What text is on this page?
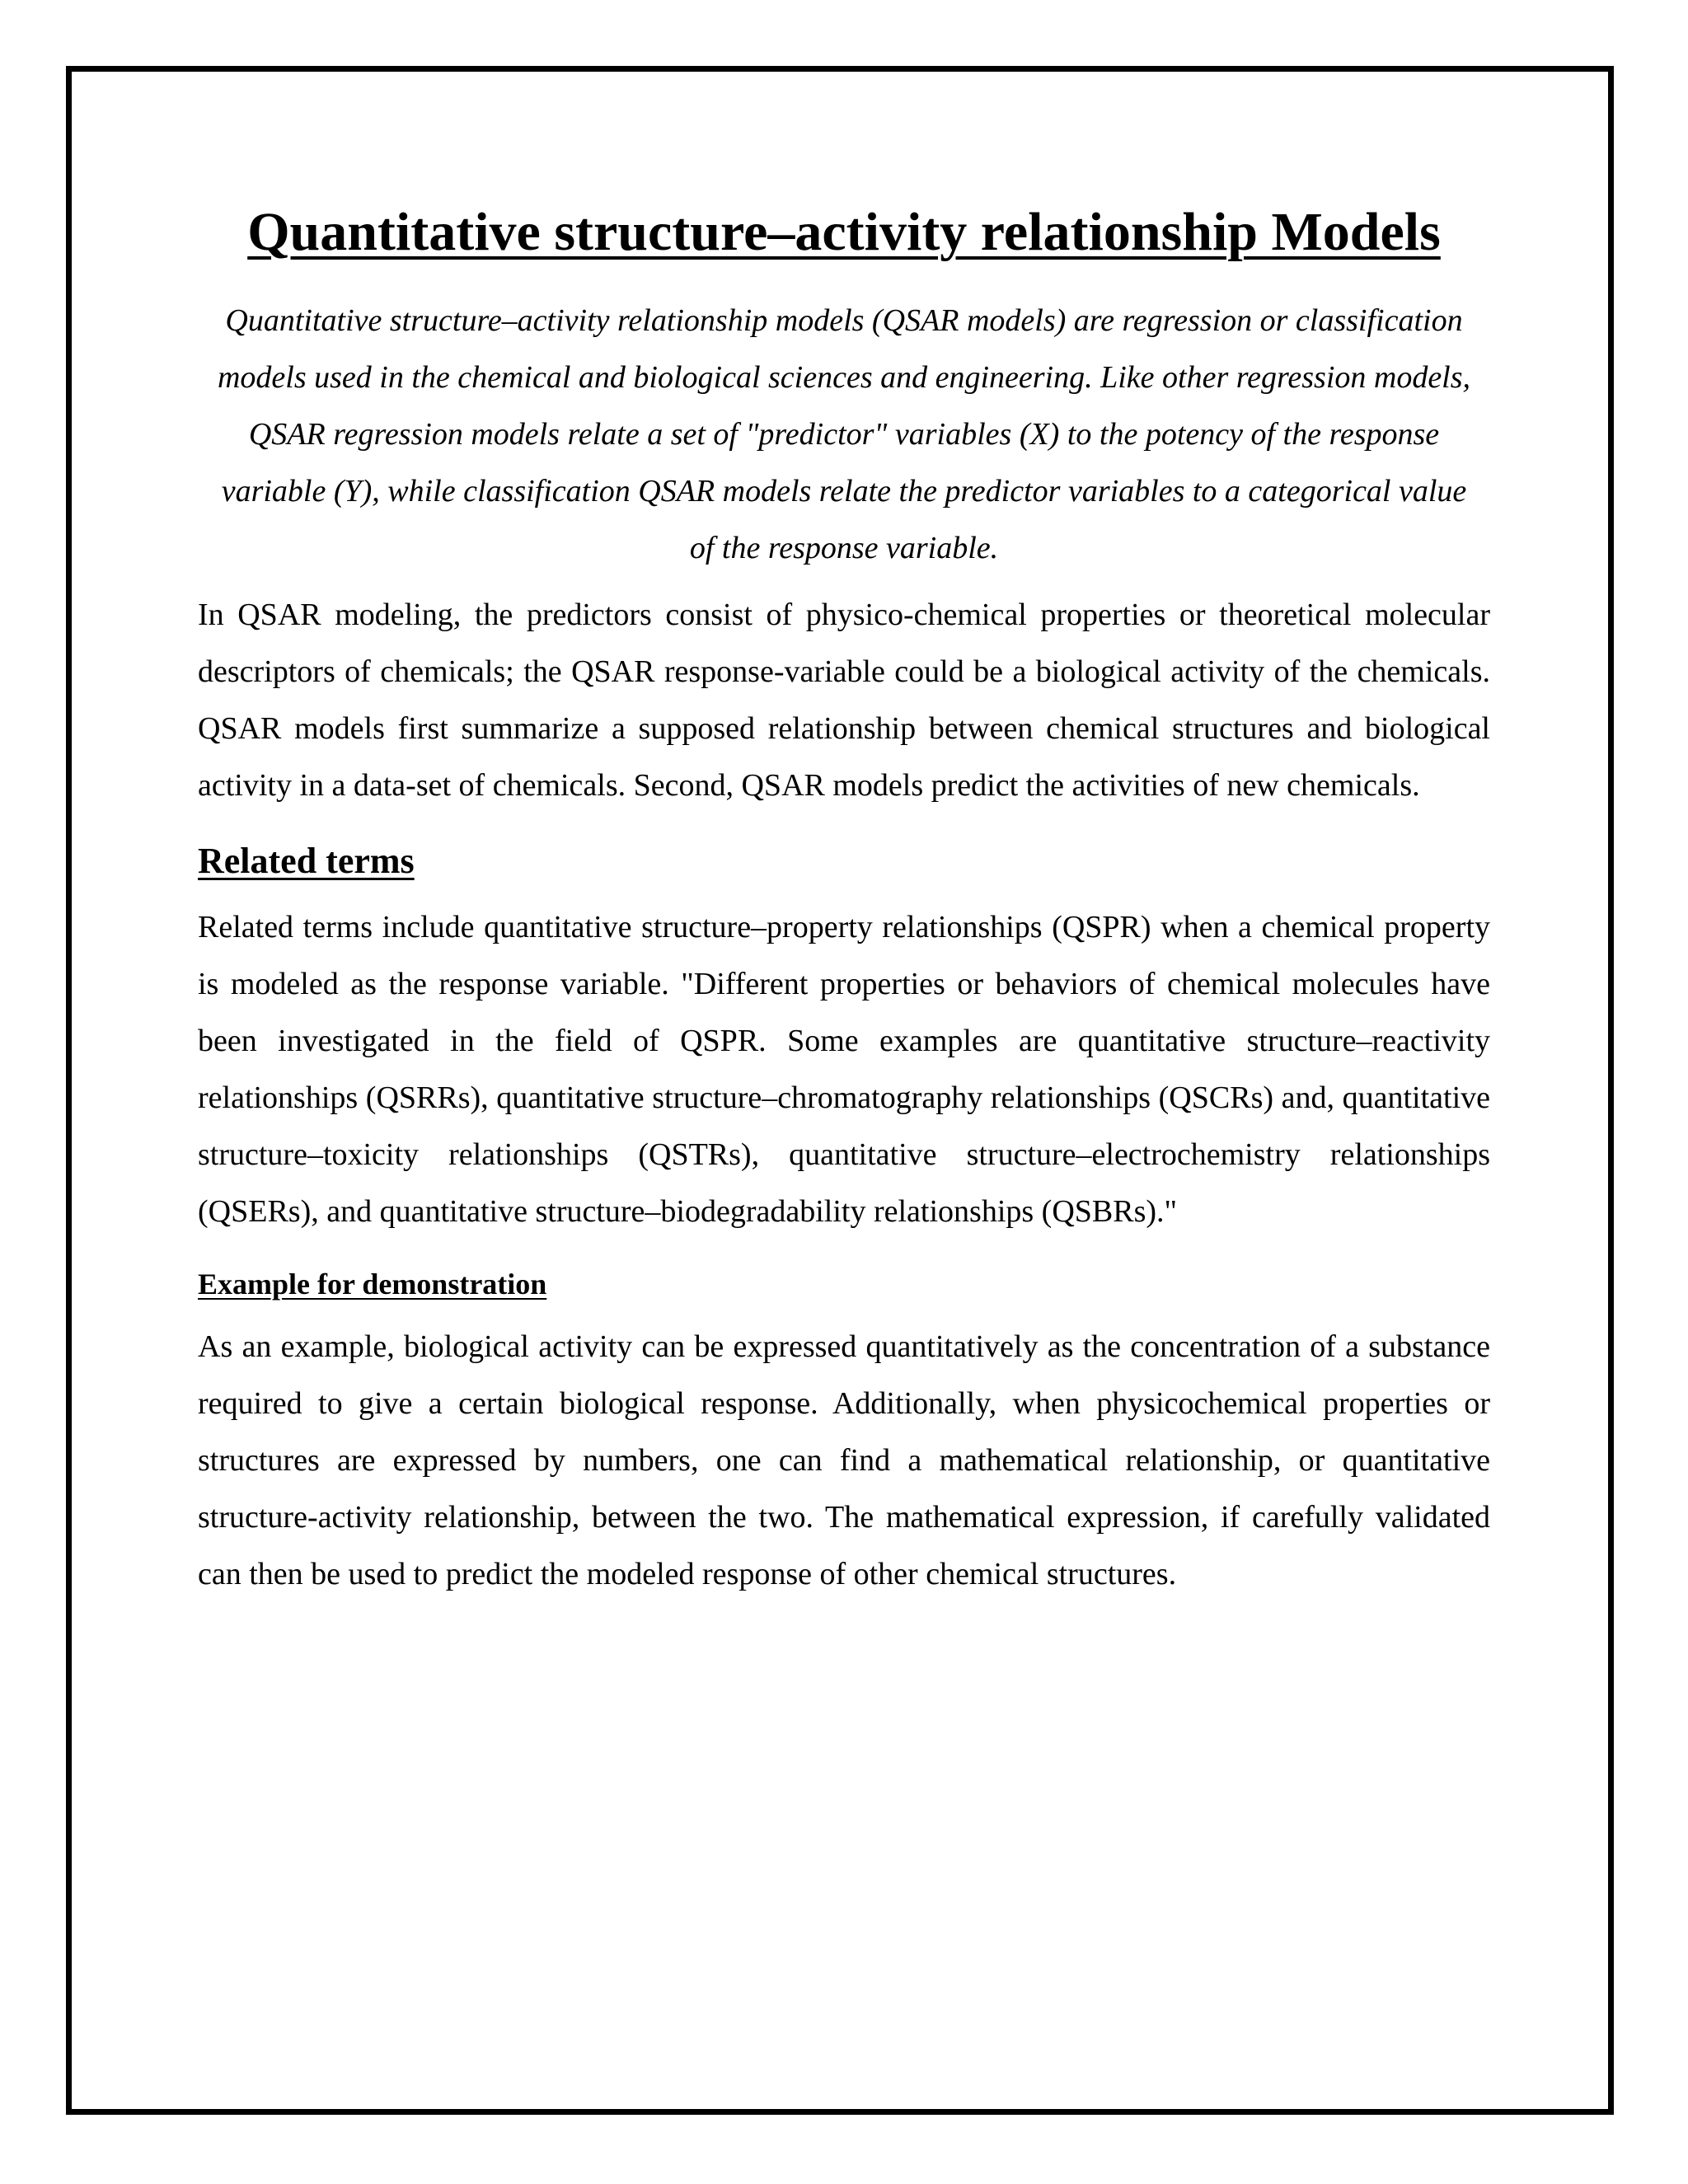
Quantitative structure–activity relationship Models

Quantitative structure–activity relationship models (QSAR models) are regression or classification models used in the chemical and biological sciences and engineering. Like other regression models, QSAR regression models relate a set of "predictor" variables (X) to the potency of the response variable (Y), while classification QSAR models relate the predictor variables to a categorical value of the response variable.

In QSAR modeling, the predictors consist of physico-chemical properties or theoretical molecular descriptors of chemicals; the QSAR response-variable could be a biological activity of the chemicals. QSAR models first summarize a supposed relationship between chemical structures and biological activity in a data-set of chemicals. Second, QSAR models predict the activities of new chemicals.

Related terms

Related terms include quantitative structure–property relationships (QSPR) when a chemical property is modeled as the response variable. "Different properties or behaviors of chemical molecules have been investigated in the field of QSPR. Some examples are quantitative structure–reactivity relationships (QSRRs), quantitative structure–chromatography relationships (QSCRs) and, quantitative structure–toxicity relationships (QSTRs), quantitative structure–electrochemistry relationships (QSERs), and quantitative structure–biodegradability relationships (QSBRs)."

Example for demonstration

As an example, biological activity can be expressed quantitatively as the concentration of a substance required to give a certain biological response. Additionally, when physicochemical properties or structures are expressed by numbers, one can find a mathematical relationship, or quantitative structure-activity relationship, between the two. The mathematical expression, if carefully validated can then be used to predict the modeled response of other chemical structures.
